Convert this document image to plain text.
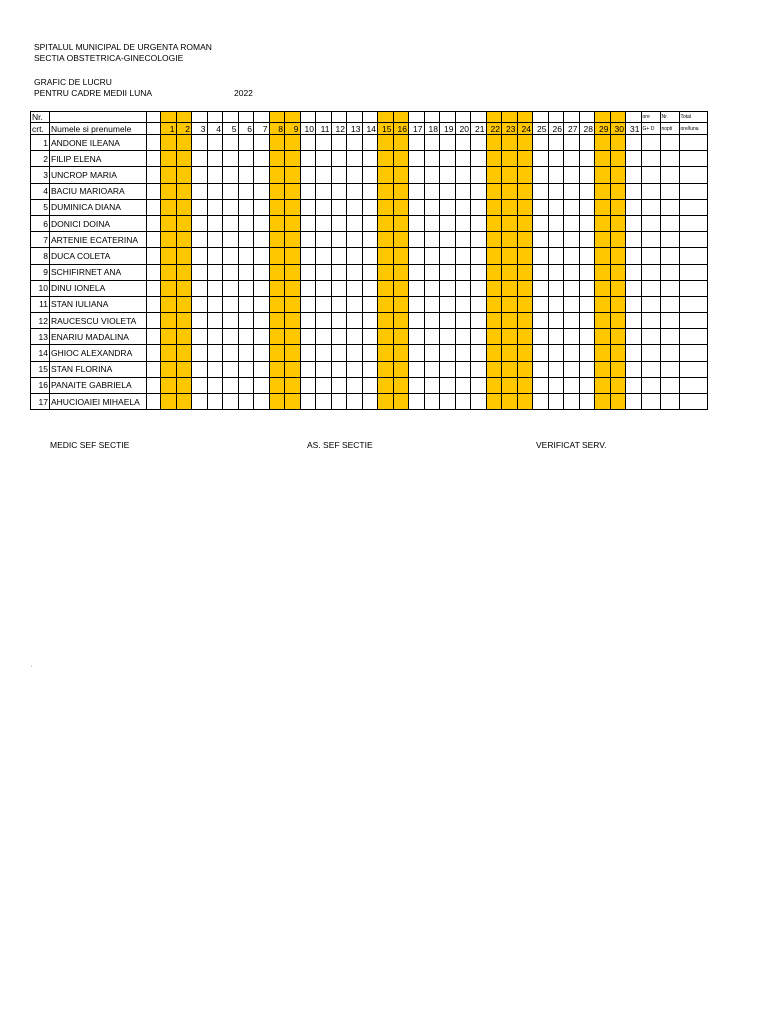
SPITALUL MUNICIPAL DE URGENTA ROMAN
SECTIA OBSTETRICA-GINECOLOGIE
GRAFIC DE LUCRU
PENTRU CADRE MEDII LUNA	2022
Nr.																																		ore	Nr.	Total
crt.	Numele si prenumele		1	2	3	4	5	6	7	8	9	10	11	12	13	14	15	16	17	18	19	20	21	22	23	24	25	26	27	28	29	30	31	G+ D	nopti	ore/luna
1	ANDONE ILEANA																																			
2	FILIP ELENA																																			
3	UNCROP MARIA																																			
4	BACIU MARIOARA																																			
5	DUMINICA DIANA																																			
6	DONICI DOINA																																			
7	ARTENIE ECATERINA																																			
8	DUCA COLETA																																			
9	SCHIFIRNET ANA																																			
10	DINU IONELA																																			
11	STAN IULIANA																																			
12	RAUCESCU VIOLETA																																			
13	ENARIU MADALINA																																			
14	GHIOC ALEXANDRA																																			
15	STAN FLORINA																																			
16	PANAITE GABRIELA																																			
17	AHUCIOAIEI MIHAELA																																			
MEDIC SEF SECTIE	AS. SEF SECTIE	VERIFICAT SERV.
'
